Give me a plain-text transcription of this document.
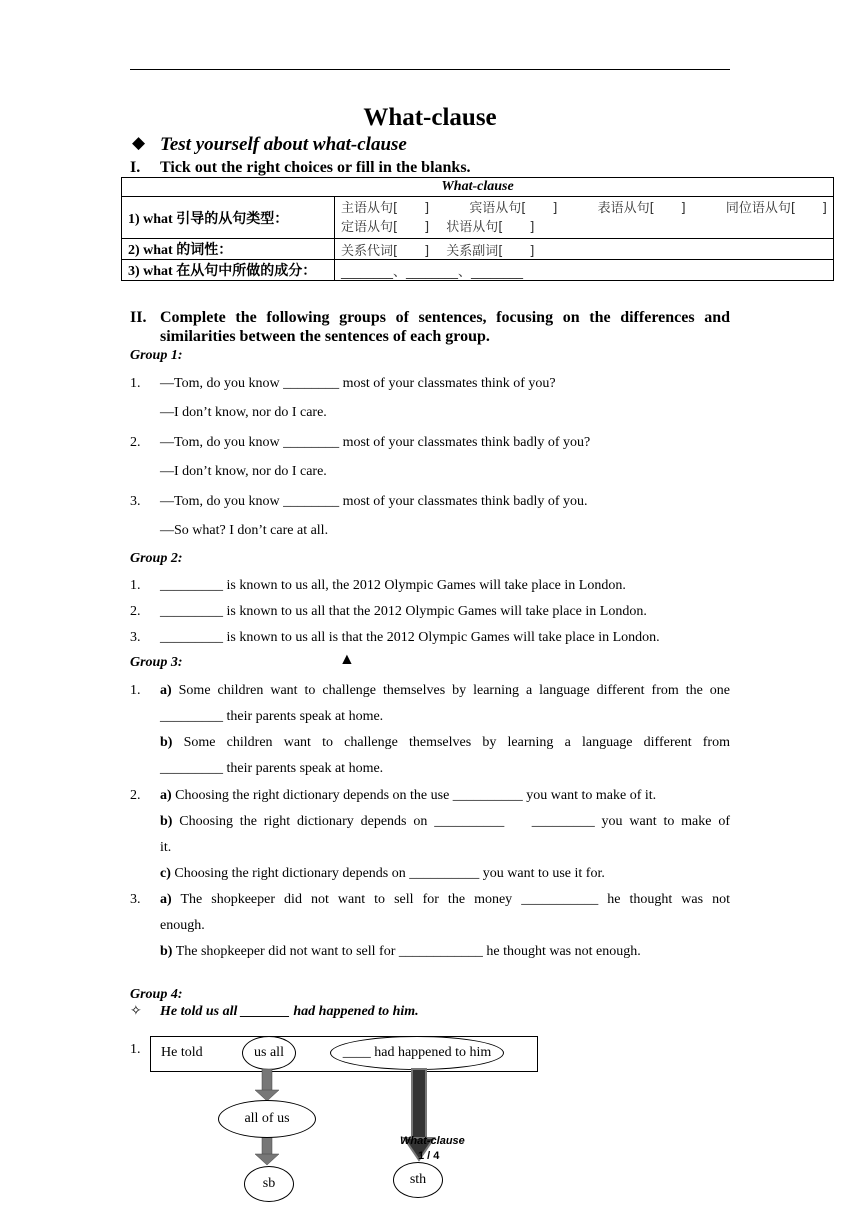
What-clause
◆ Test yourself about what-clause
I. Tick out the right choices or fill in the blanks.
What-clause	
1) what 引导的从句类型：	主语从句[　　] 宾语从句[　　] 表语从句[　　] 同位语从句[　　]
定语从句[　　]　 状语从句[　　]

2) what 的词性：	关系代词[　　]　 关系副词[　　]
3) what 在从句中所做的成分：	________、________、________
II. Complete the following groups of sentences, focusing on the differences and
similarities between the sentences of each group.
Group 1:
1. —Tom, do you know ________ most of your classmates think of you?
—I don’t know, nor do I care.
2. —Tom, do you know ________ most of your classmates think badly of you?
—I don’t know, nor do I care.
3. —Tom, do you know ________ most of your classmates think badly of you.
—So what? I don’t care at all.
Group 2:
1. _________ is known to us all, the 2012 Olympic Games will take place in London.
2. _________ is known to us all that the 2012 Olympic Games will take place in London.
3. _________ is known to us all is that the 2012 Olympic Games will take place in London.
Group 3:	▲
1. a) Some children want to challenge themselves by learning a language different from the one
_________ their parents speak at home.
b) Some children want to challenge themselves by learning a language different from
_________ their parents speak at home.
2. a) Choosing the right dictionary depends on the use __________ you want to make of it.
b) Choosing the right dictionary depends on __________　 _________ you want to make of
it.
c) Choosing the right dictionary depends on __________ you want to use it for.
3. a) The shopkeeper did not want to sell for the money ___________ he thought was not
enough.
b) The shopkeeper did not want to sell for ____________ he thought was not enough.
Group 4:
✧ He told us all _______ had happened to him.
1. He told	us all	____ had happened to him
all of us
sb	sth
What-clause
1 / 4
